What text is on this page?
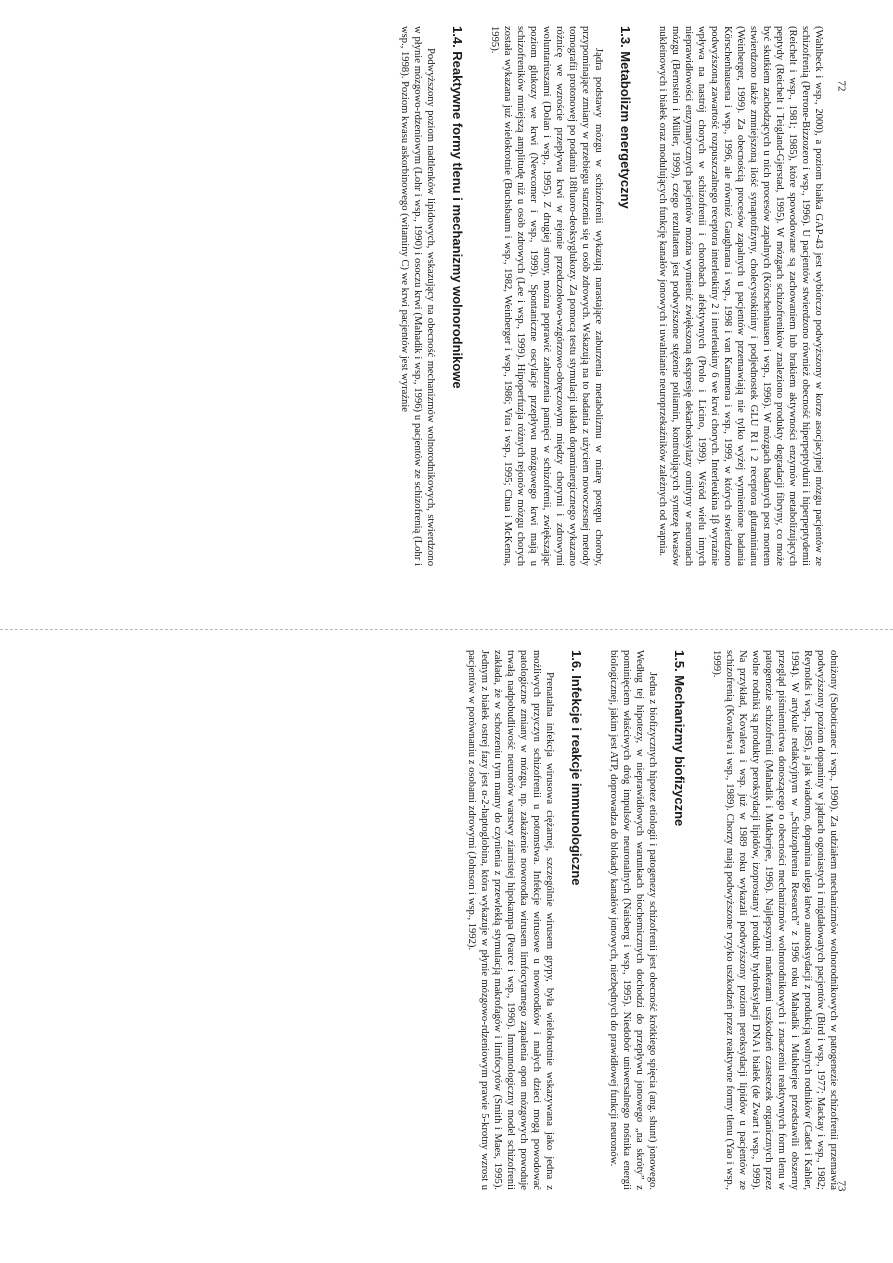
72
73

(Wahlbeck i wsp., 2000), a poziom białka GAP-43 jest wybiórczo podwyższony w korze asocjacyjnej mózgu pacjentów ze schizofrenią (Perrone-Bizzozero i wsp., 1996). U pacjentów stwierdzono również obecność hiperpeptydurii i hiperpeptydemii (Reichelt i wsp., 1981; 1985), które spowodowane są zachowaniem lub brakiem aktywności enzymów metabolizujących peptydy (Reichelt i Teigland-Gjerstad, 1995). W mózgach schizofreników znaleziono produkty degradacji fibryny, co może być skutkiem zachodzących u nich procesów zapalnych (Körschenhausen i wsp., 1996). W mózgach badanych post mortem stwierdzono także zmniejszoną ilość synaptofizyny, cholecystokininy i podjednostek GLU R1 i 2 receptora glutaminianu (Weinberger, 1999). Za obecnością procesów zapalnych u pacjentów przemawiają nie tylko wyżej wymienione badania Körschenhausena i wsp., 1996, ale również Gaughrana i wsp., 1998 i van Kammena i wsp., 1999, w których stwierdzono podwyższoną zawartość rozpuszczalnego receptora interleukiny 2 i interleukiny 6 we krwi chorych. Interleukina 1β wyraźnie wpływa na nastrój chorych w schizofrenii i chorobach afektywnych (Prolo i Licino, 1999). Wśród wielu innych nieprawidłowości enzymatycznych pacjentów można wymienić zwiększoną ekspresję dekarboksylazy ornityny w neuronach mózgu (Bernstein i Müller, 1999), czego rezultatem jest podwyższone stężenie poliamin, kontrolujących syntezę kwasów nukleinowych i białek oraz modulujących funkcję kanałów jonowych i uwalnianie neuroprzekaźników zależnych od wapnia.

1.3. Metabolizm energetyczny

Jądra podstawy mózgu w schizofrenii wykazują narastające zaburzenia metabolizmu w miarę postępu choroby, przypominające zmiany w przebiegu starzenia się u osób zdrowych. Wskazują na to badania z użyciem nowoczesnej metody tomografii protonowej po podaniu 18fluoro-deoksyglukozy. Za pomocą testu stymulacji układu dopaminergicznego wykazano różnicę we wzroście przepływu krwi w rejonie przedczołowo-wzgórzowo-obręczowym między chorymi i zdrowymi woluntariuszami (Dolan i wsp., 1995). Z drugiej strony, można poprawić zaburzenia pamięci w schizofrenii, zwiększając poziom glukozy we krwi (Newcomer i wsp., 1999). Spontaniczne oscylacje przepływu mózgowego krwi mają u schizofreników mniejszą amplitudę niż u osób zdrowych (Lee i wsp., 1999). Hipoperfuzja różnych rejonów mózgu chorych została wykazana już wielokrotnie (Buchsbaum i wsp., 1982, Weinberger i wsp., 1986; Vita i wsp., 1995; Chua i McKenna, 1995).

1.4. Reaktywne formy tlenu i mechanizmy wolnorodnikowe

Podwyższony poziom nadtlenków lipidowych, wskazujący na obecność mechanizmów wolnorodnikowych, stwierdzono w płynie mózgowo-rdzeniowym (Lohr i wsp., 1990) i osoczu krwi (Mahadik i wsp., 1996) u pacjentów ze schizofrenią (Lohr i wsp., 1998). Poziom kwasu askorbinowego (witaminy C) we krwi pacjentów jest wyraźnie

obniżony (Suboticanec i wsp., 1990). Za udziałem mechanizmów wolnorodnikowych w patogenezie schizofrenii przemawia podwyższony poziom dopaminy w jądrach ogoniastych i migdałowatych pacjentów (Bird i wsp., 1977; Mackay i wsp., 1982; Reynolds i wsp., 1985), a jak wiadomo, dopamina ulega łatwo autooksydacji z produkcją wolnych rodników (Cadet i Kahler, 1994). W artykule redakcyjnym w „Schizophrenia Research” z 1996 roku Mahadik i Mukherjee przedstawili obszerny przegląd piśmiennictwa donoszącego o obecności mechanizmów wolnorodnikowych i znaczeniu reaktywnych form tlenu w patogenezie schizofrenii (Mahadik i Mukherjee, 1996). Najlepszymi markerami uszkodzeń czasteczek organicznych przez wolne rodniki są produkty peroksydacji lipidów, izoprostany i produkty hydroksylacji DNA i białek (de Zwart i wsp., 1999). Na przykład, Kovaleva i wsp. już w 1989 roku wykazali podwyższony poziom peroksydacji lipidów u pacjentów ze schizofrenią (Kovaleva i wsp., 1989). Chorzy mają podwyższone ryzyko uszkodzeń przez reaktywne formy tlenu (Yao i wsp., 1999).

1.5. Mechanizmy biofizyczne

Jedna z biofizycznych hipotez etiologii i patogenezy schizofrenii jest obecność krótkiego spięcia (ang. shunt) jonowego. Według tej hipotezy, w nieprawidłowych warunkach biochemicznych dochodzi do przepływu jonowego „na skróty” z pominięciem właściwych dróg impulsów neuronalnych (Naisberg i wsp., 1995). Niedobór uniwersalnego nośnika energii biologicznej, jakim jest ATP, doprowadza do blokady kanałów jonowych, niezbędnych do prawidłowej funkcji neuronów.

1.6. Infekcje i reakcje immunologiczne

Prenatalna infekcja wirusowa ciężarnej, szczególnie wirusem grypy, była wielokrotnie wskazywana jako jedna z możliwych przyczyn schizofrenii u potomstwa. Infekcje wirusowe u noworodków i małych dzieci mogą powodować patologiczne zmiany w mózgu, np. zakażenie noworodka wirusem limfocytarnego zapalenia opon mózgowych powoduje trwałą nadpobudliwość neuronów warstwy ziarnistej hipokampa (Pearce i wsp., 1996). Immunologiczny model schizofrenii zakłada, że w schorzeniu tym mamy do czynienia z przewlekłą stymulacją makrofagów i limfocytów (Smith i Maes, 1995). Jednym z białek ostrej fazy jest α-2-haptoglobina, która wykazuje w płynie mózgowo-rdzeniowym prawie 5-krotny wzrost u pacjentów w porównaniu z osobami zdrowymi (Johnson i wsp., 1992).
